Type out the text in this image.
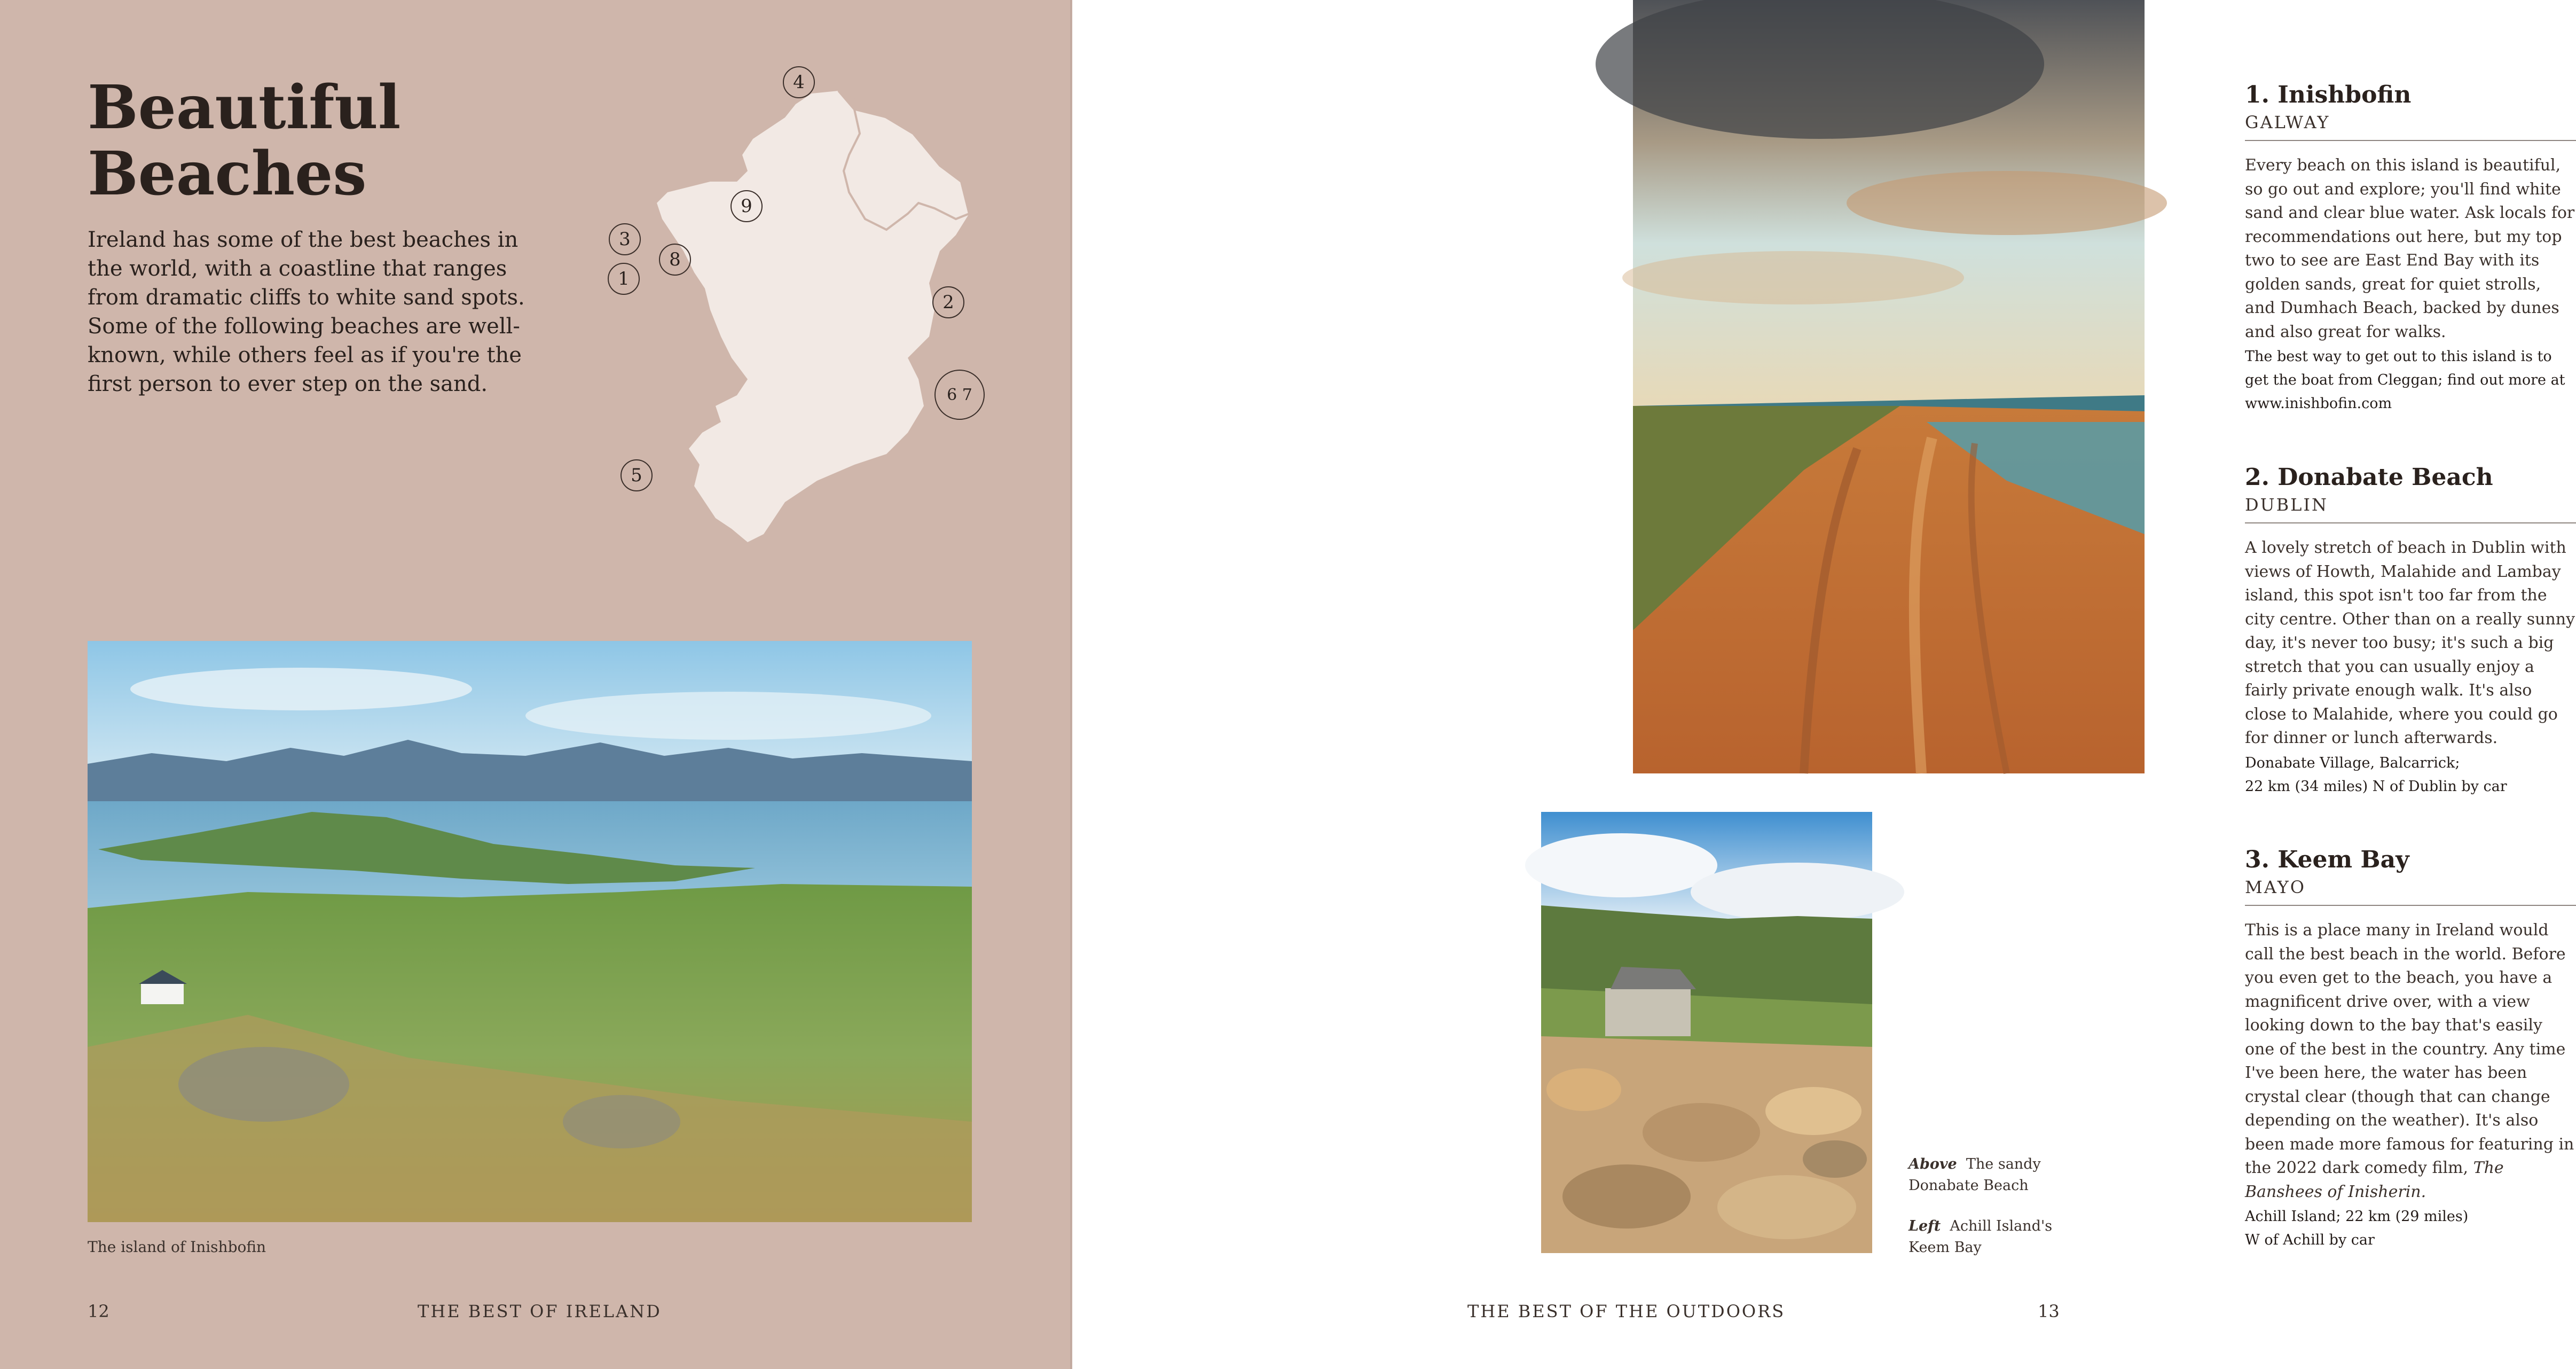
Beautiful
Beaches

Ireland has some of the best beaches in the world, with a coastline that ranges from dramatic cliffs to white sand spots. Some of the following beaches are well-known, while others feel as if you're the first person to ever step on the sand.

4
9
3
8
1
2
6 7
5
The island of Inishbofin
12	THE BEST OF IRELAND
1. Inishbofin
GALWAY

Every beach on this island is beautiful, so go out and explore; you'll find white sand and clear blue water. Ask locals for recommendations out here, but my top two to see are East End Bay with its golden sands, great for quiet strolls, and Dumhach Beach, backed by dunes and also great for walks.

The best way to get out to this island is to get the boat from Cleggan; find out more at www.inishbofin.com

2. Donabate Beach
DUBLIN

A lovely stretch of beach in Dublin with views of Howth, Malahide and Lambay island, this spot isn't too far from the city centre. Other than on a really sunny day, it's never too busy; it's such a big stretch that you can usually enjoy a fairly private enough walk. It's also close to Malahide, where you could go for dinner or lunch afterwards.

Donabate Village, Balcarrick;
22 km (34 miles) N of Dublin by car

3. Keem Bay
MAYO

This is a place many in Ireland would call the best beach in the world. Before you even get to the beach, you have a magnificent drive over, with a view looking down to the bay that's easily one of the best in the country. Any time I've been here, the water has been crystal clear (though that can change depending on the weather). It's also been made more famous for featuring in the 2022 dark comedy film, The Banshees of Inisherin.

Achill Island; 22 km (29 miles)
W of Achill by car

Above The sandy Donabate Beach
Left Achill Island's Keem Bay
THE BEST OF THE OUTDOORS	13
